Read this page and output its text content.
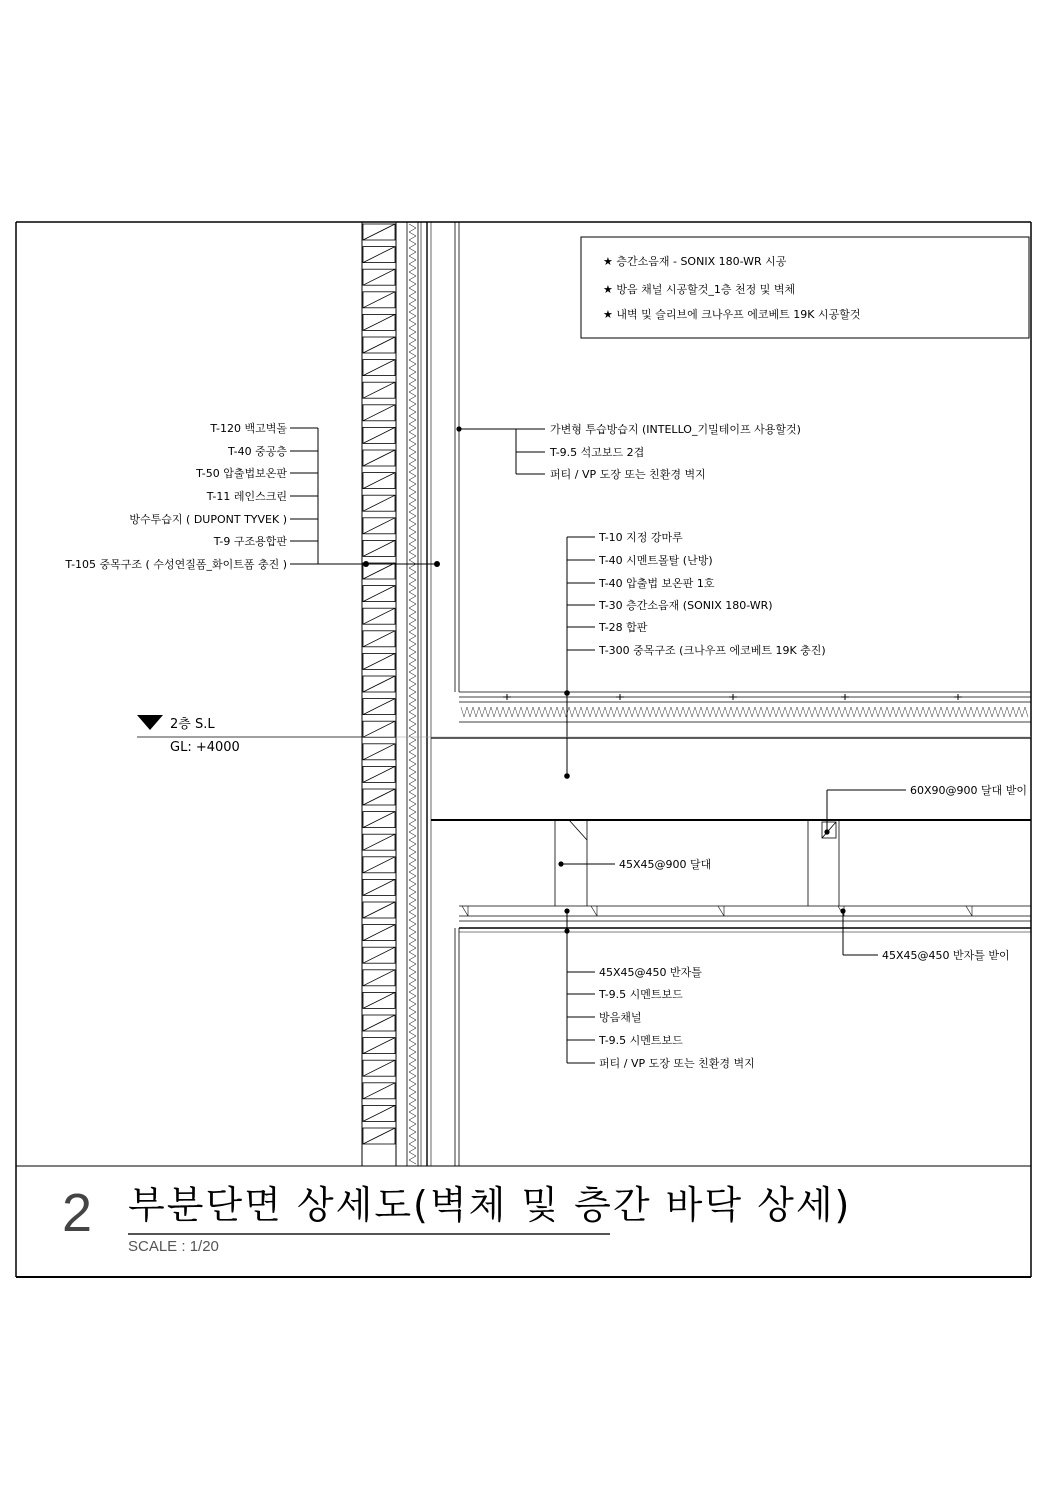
★ 층간소음재 - SONIX 180-WR 시공
★ 방음 채널 시공할것_1층 천정 및 벽체
★ 내벽 및 슬리브에 크나우프 에코베트 19K 시공할것
T-120 백고벽돌
T-40 중공층
T-50 압출법보온판
T-11 레인스크린
방수투습지 ( DUPONT TYVEK )
T-9 구조용합판
T-105 중목구조 ( 수성연질폼_화이트폼 충진 )
가변형 투습방습지 (INTELLO_기밀테이프 사용할것)
T-9.5 석고보드 2겹
퍼티 / VP 도장 또는 친환경 벽지
T-10 지정 강마루
T-40 시멘트몰탈 (난방)
T-40 압출법 보온판 1호
T-30 층간소음재 (SONIX 180-WR)
T-28 합판
T-300 중목구조 (크나우프 에코베트 19K 충진)
2층 S.L
GL: +4000
60X90@900 달대 받이
45X45@900 달대
45X45@450 반자틀 받이
45X45@450 반자틀
T-9.5 시멘트보드
방음채널
T-9.5 시멘트보드
퍼티 / VP 도장 또는 친환경 벽지
2 부분단면 상세도(벽체 및 층간 바닥 상세)
SCALE : 1/20
